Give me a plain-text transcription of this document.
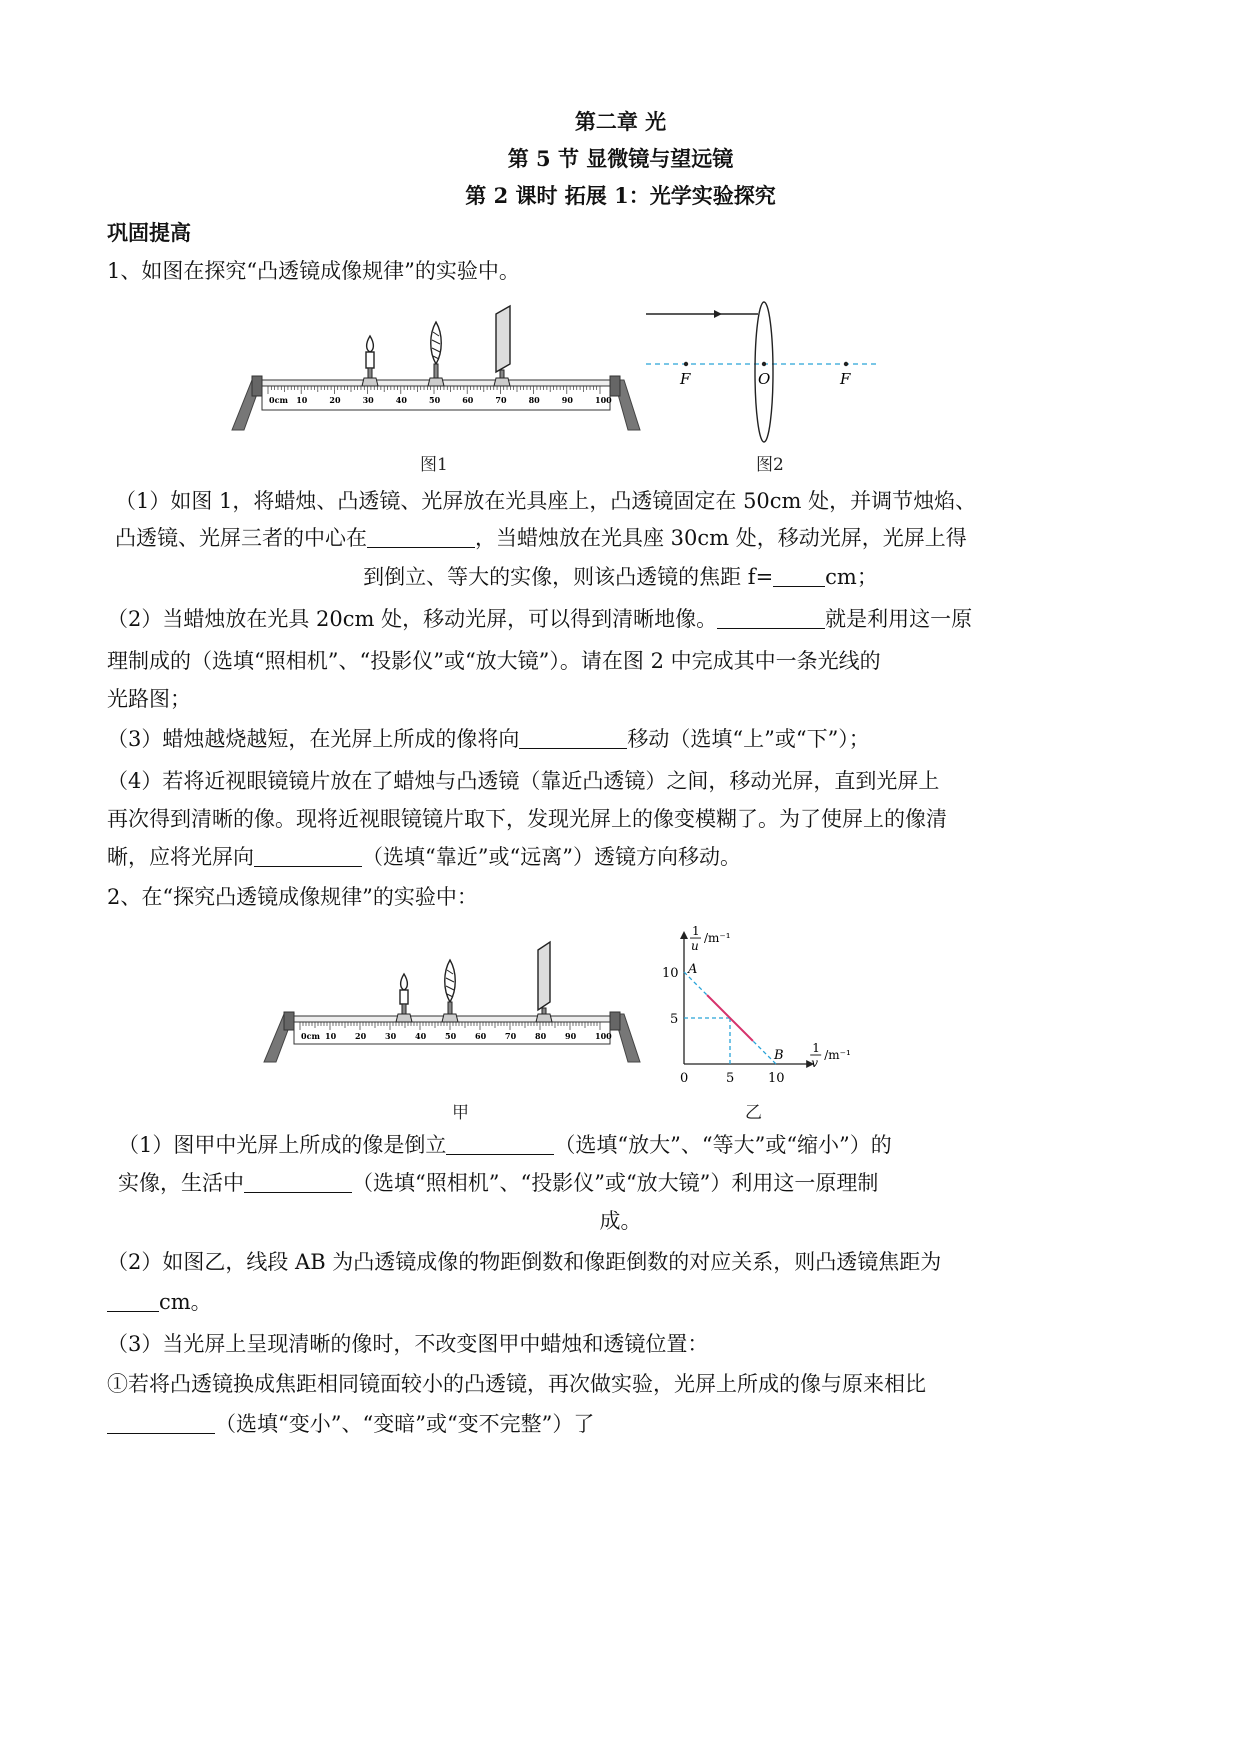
第二章 光
第 5 节 显微镜与望远镜
第 2 课时 拓展 1：光学实验探究
巩固提高
1、如图在探究“凸透镜成像规律”的实验中。
0cm 10	20	30	40	50	60	70	80	90	100
图1
F	O	F
图2
（1）如图 1，将蜡烛、凸透镜、光屏放在光具座上，凸透镜固定在 50cm 处，并调节烛焰、
凸透镜、光屏三者的中心在	，当蜡烛放在光具座 30cm 处，移动光屏，光屏上得
到倒立、等大的实像，则该凸透镜的焦距 f= cm；
（2）当蜡烛放在光具 20cm 处，移动光屏，可以得到清晰地像。	就是利用这一原
理制成的（选填“照相机”、“投影仪”或“放大镜”）。请在图 2 中完成其中一条光线的
光路图；
（3）蜡烛越烧越短，在光屏上所成的像将向	移动（选填“上”或“下”）；
（4）若将近视眼镜镜片放在了蜡烛与凸透镜（靠近凸透镜）之间，移动光屏，直到光屏上
再次得到清晰的像。现将近视眼镜镜片取下，发现光屏上的像变模糊了。为了使屏上的像清
晰，应将光屏向	（选填“靠近”或“远离”）透镜方向移动。
2、在“探究凸透镜成像规律”的实验中：
0cm 10 20 30 40 50 60 70 80 90 100
甲
A
B
0	5	10
5
10
1
u
/m⁻¹
1
v
/m⁻¹
乙
（1）图甲中光屏上所成的像是倒立	（选填“放大”、“等大”或“缩小”）的
实像，生活中	（选填“照相机”、“投影仪”或“放大镜”）利用这一原理制
成。
（2）如图乙，线段 AB 为凸透镜成像的物距倒数和像距倒数的对应关系，则凸透镜焦距为
cm。
（3）当光屏上呈现清晰的像时，不改变图甲中蜡烛和透镜位置：
①若将凸透镜换成焦距相同镜面较小的凸透镜，再次做实验，光屏上所成的像与原来相比
（选填“变小”、“变暗”或“变不完整”）了
